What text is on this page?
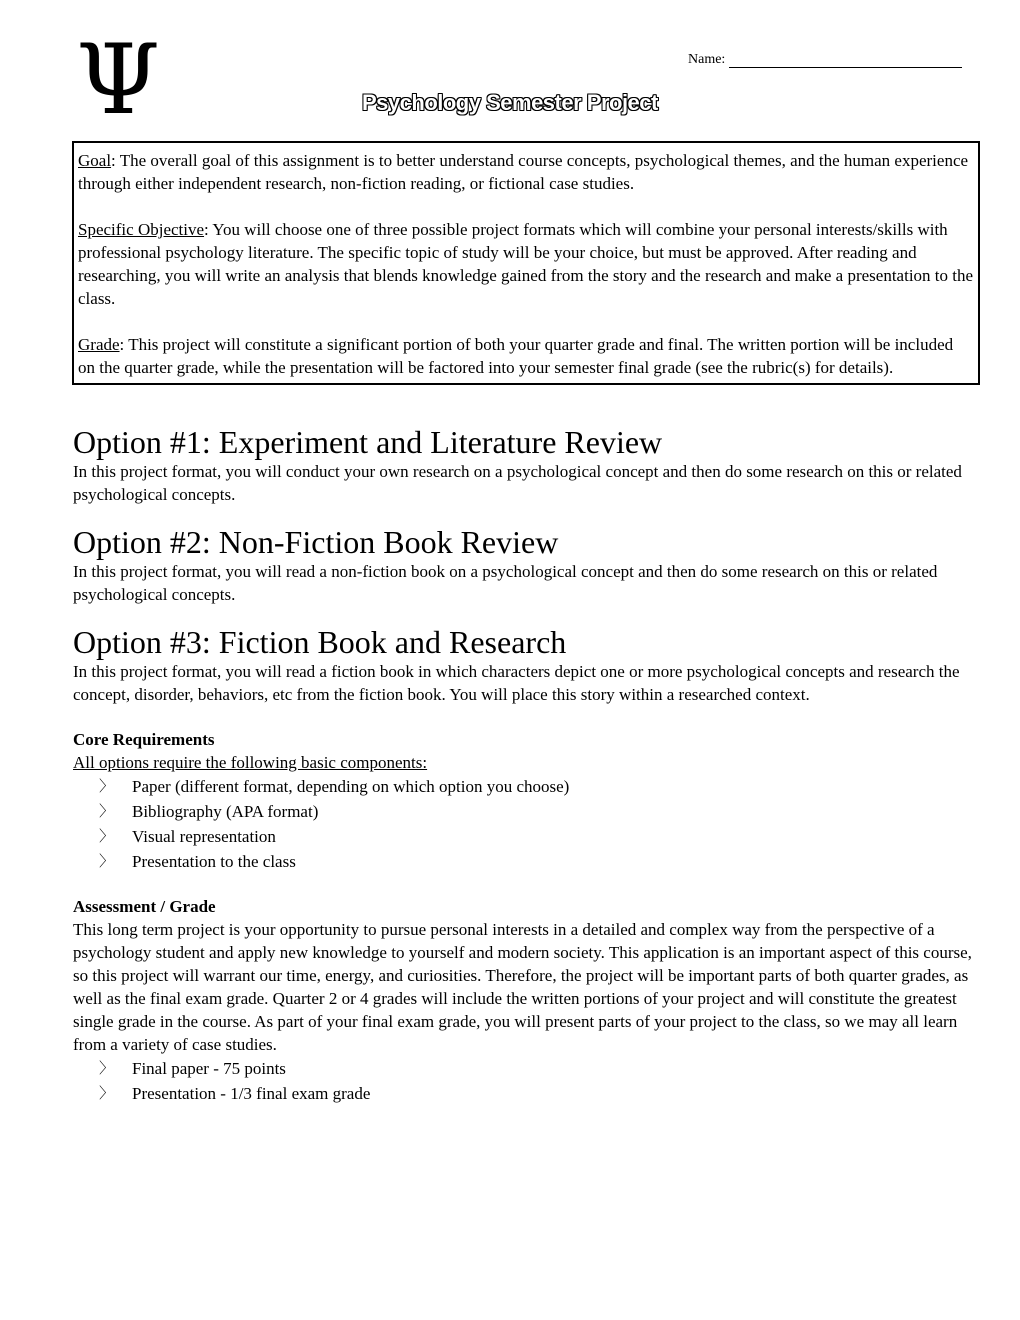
Ψ	Name:
Psychology Semester Project

Goal: The overall goal of this assignment is to better understand course concepts, psychological themes, and the human experience through either independent research, non-fiction reading, or fictional case studies.

Specific Objective: You will choose one of three possible project formats which will combine your personal interests/skills with professional psychology literature. The specific topic of study will be your choice, but must be approved. After reading and researching, you will write an analysis that blends knowledge gained from the story and the research and make a presentation to the class.

Grade: This project will constitute a significant portion of both your quarter grade and final. The written portion will be included on the quarter grade, while the presentation will be factored into your semester final grade (see the rubric(s) for details).

Option #1: Experiment and Literature Review

In this project format, you will conduct your own research on a psychological concept and then do some research on this or related psychological concepts.

Option #2: Non-Fiction Book Review

In this project format, you will read a non-fiction book on a psychological concept and then do some research on this or related psychological concepts.

Option #3: Fiction Book and Research

In this project format, you will read a fiction book in which characters depict one or more psychological concepts and research the concept, disorder, behaviors, etc from the fiction book. You will place this story within a researched context.

Core Requirements

All options require the following basic components:

〉 Paper (different format, depending on which option you choose)
〉 Bibliography (APA format)
〉 Visual representation
〉 Presentation to the class

Assessment / Grade

This long term project is your opportunity to pursue personal interests in a detailed and complex way from the perspective of a psychology student and apply new knowledge to yourself and modern society. This application is an important aspect of this course, so this project will warrant our time, energy, and curiosities. Therefore, the project will be important parts of both quarter grades, as well as the final exam grade. Quarter 2 or 4 grades will include the written portions of your project and will constitute the greatest single grade in the course. As part of your final exam grade, you will present parts of your project to the class, so we may all learn from a variety of case studies.

〉 Final paper - 75 points
〉 Presentation - 1/3 final exam grade
